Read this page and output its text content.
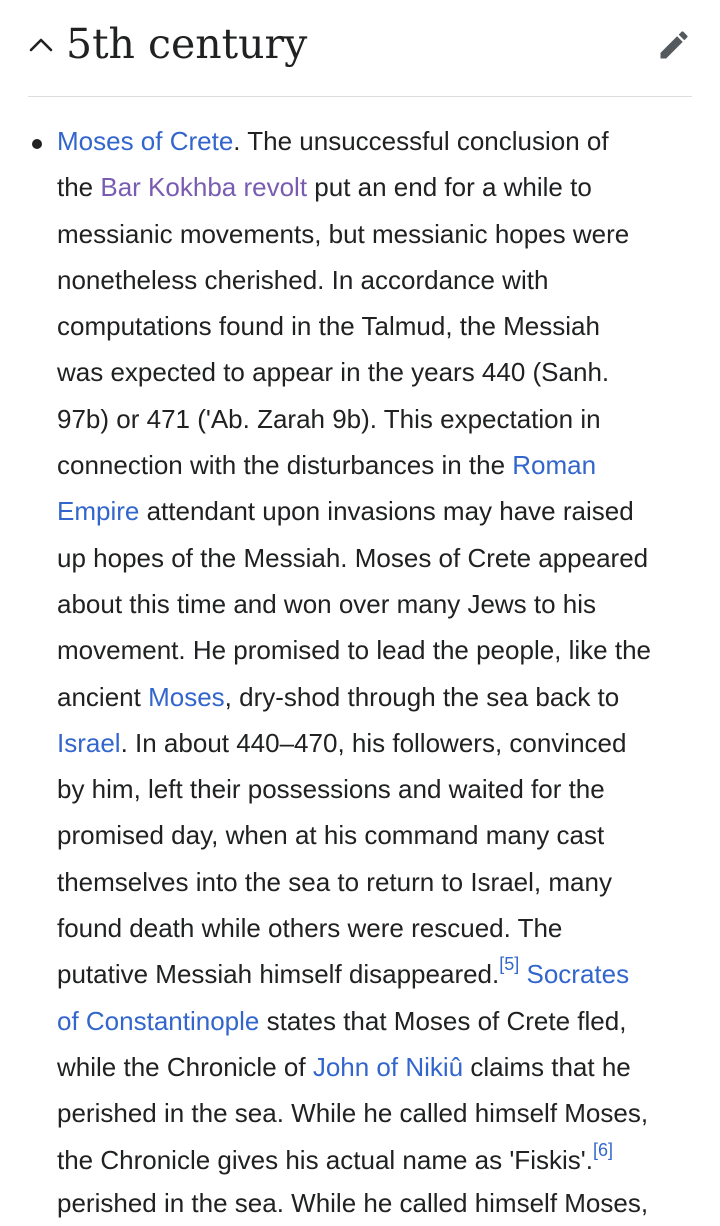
5th century

Moses of Crete. The unsuccessful conclusion of
the Bar Kokhba revolt put an end for a while to
messianic movements, but messianic hopes were
nonetheless cherished. In accordance with
computations found in the Talmud, the Messiah
was expected to appear in the years 440 (Sanh.
97b) or 471 ('Ab. Zarah 9b). This expectation in
connection with the disturbances in the Roman
Empire attendant upon invasions may have raised
up hopes of the Messiah. Moses of Crete appeared
about this time and won over many Jews to his
movement. He promised to lead the people, like the
ancient Moses, dry-shod through the sea back to
Israel. In about 440–470, his followers, convinced
by him, left their possessions and waited for the
promised day, when at his command many cast
themselves into the sea to return to Israel, many
found death while others were rescued. The
putative Messiah himself disappeared.[5] Socrates
of Constantinople states that Moses of Crete fled,
while the Chronicle of John of Nikiû claims that he
perished in the sea. While he called himself Moses,
the Chronicle gives his actual name as 'Fiskis'.[6]

perished in the sea. While he called himself Moses,
